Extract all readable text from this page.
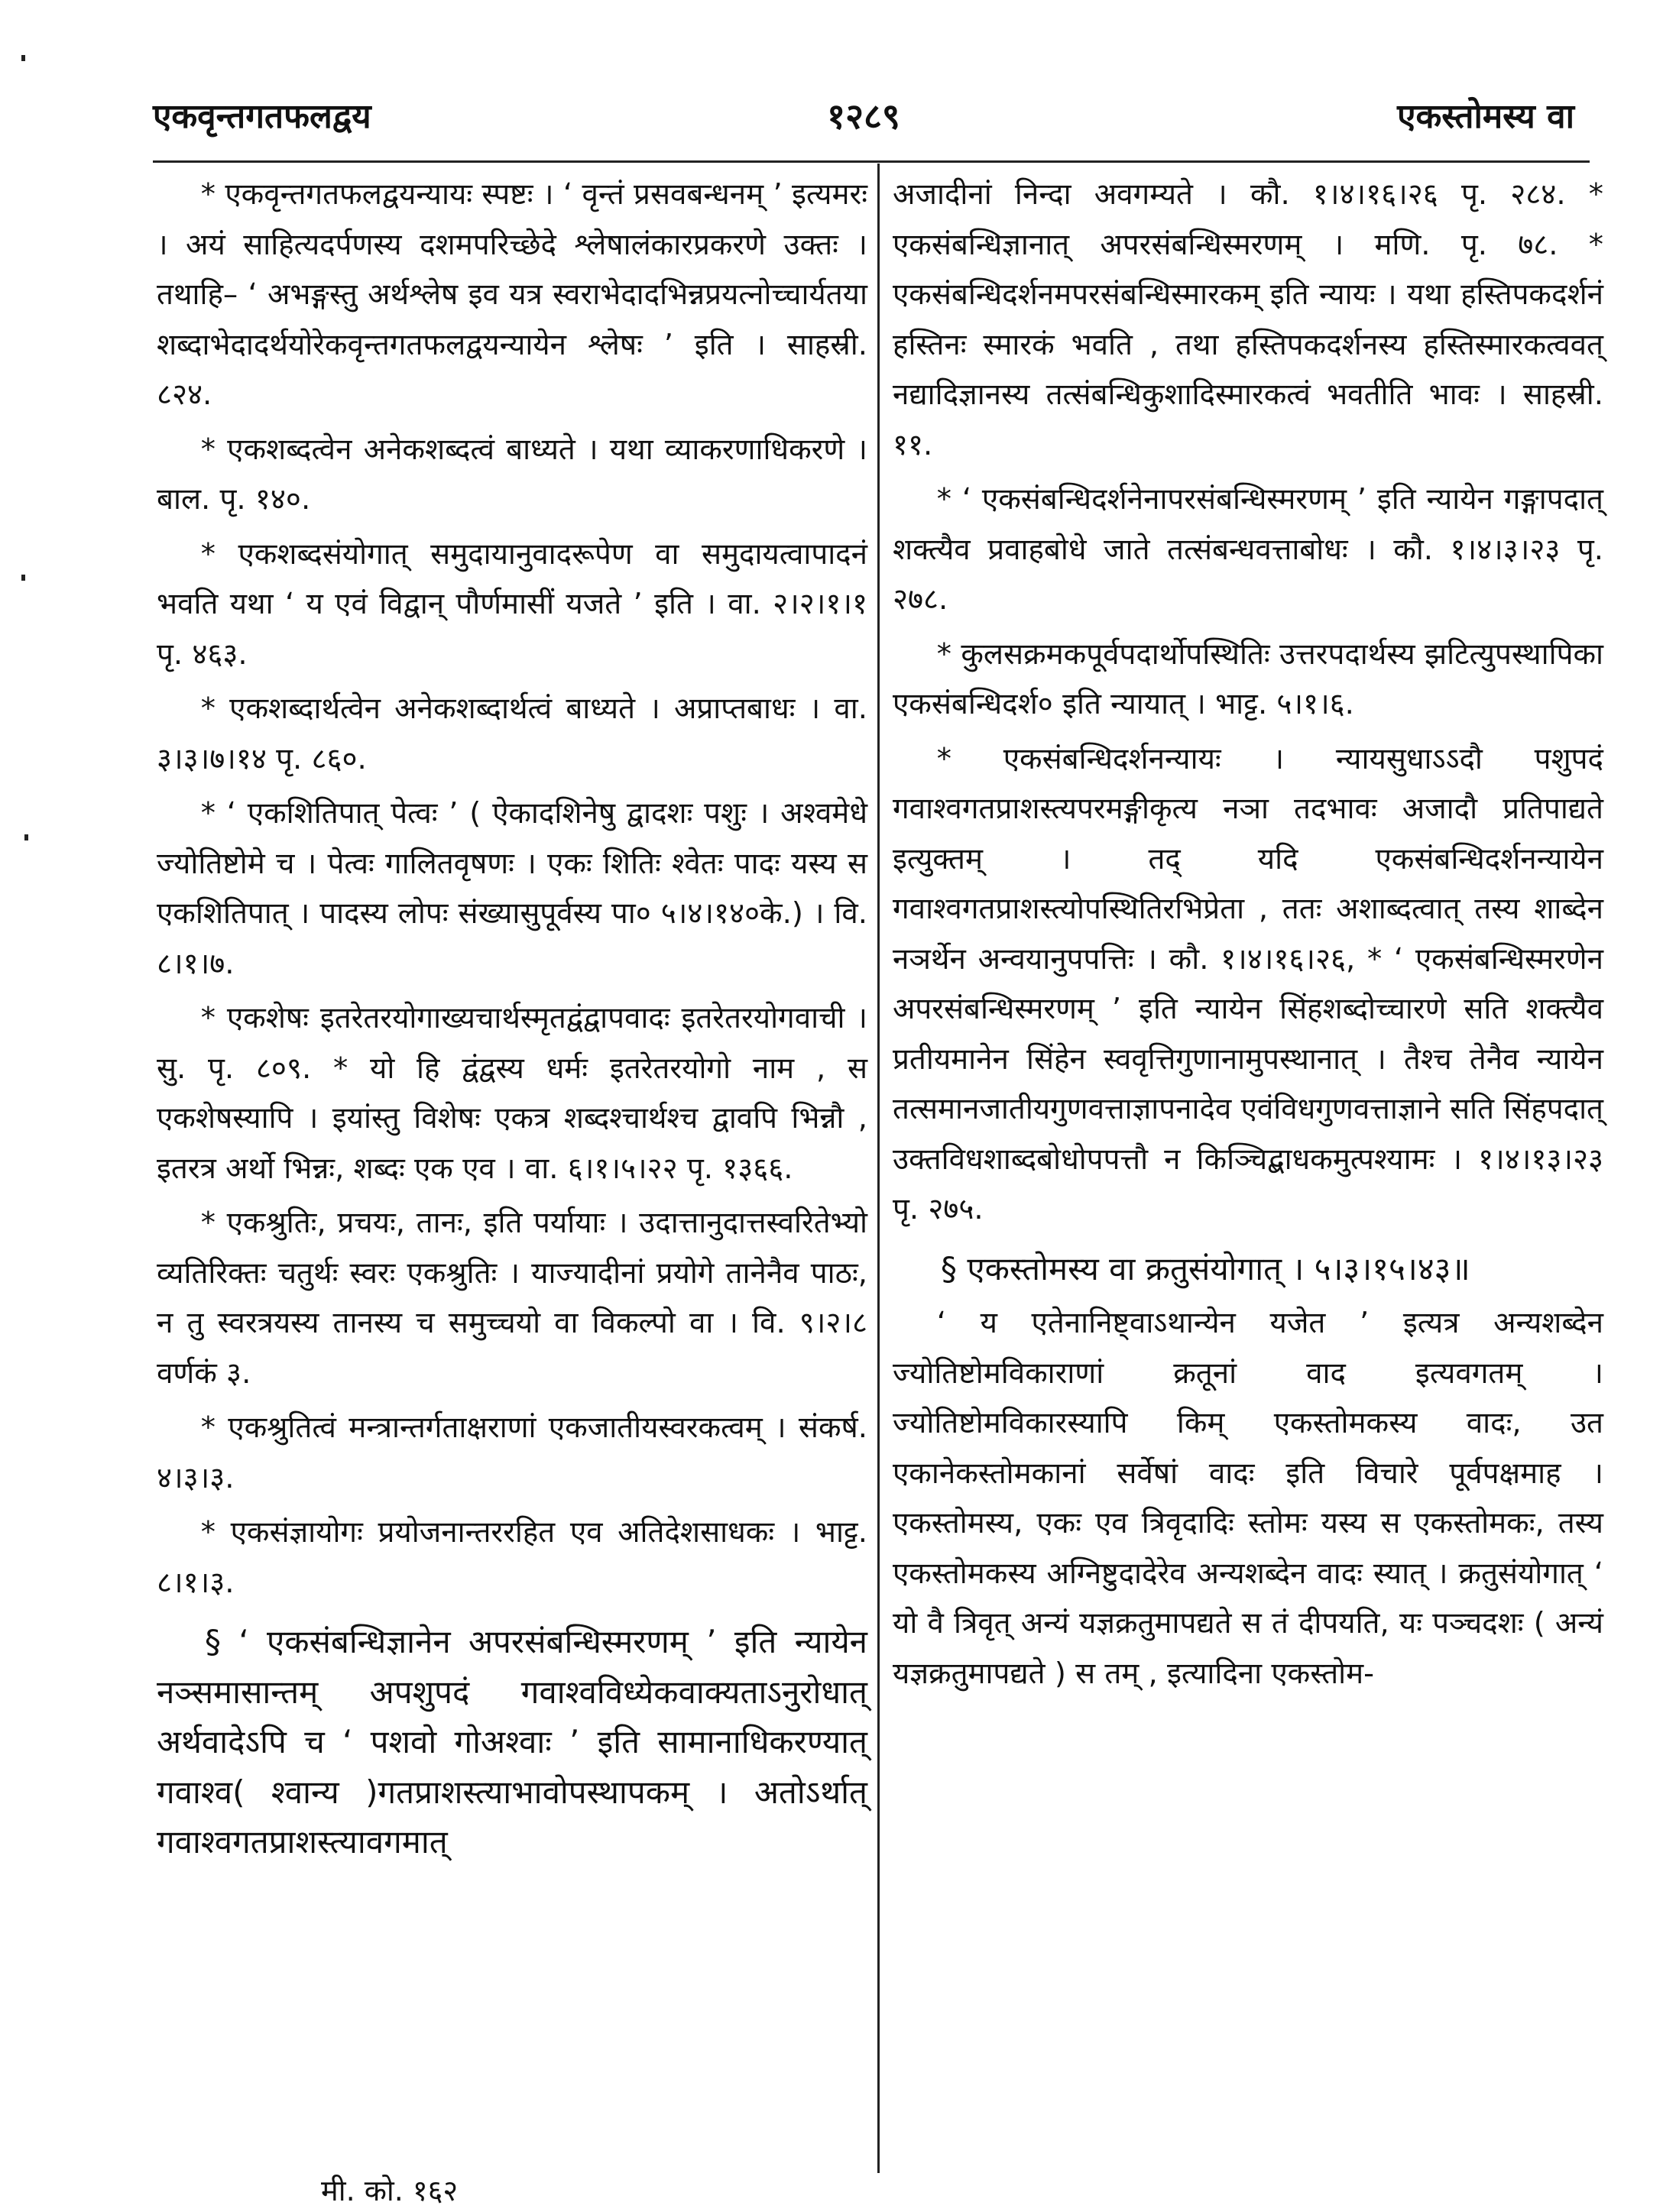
एकवृन्तगतफलद्वय	१२८९	एकस्तोमस्य वा

* एकवृन्तगतफलद्वयन्यायः स्पष्टः । ‘ वृन्तं प्रसवबन्धनम् ’ इत्यमरः । अयं साहित्यदर्पणस्य दशमपरिच्छेदे श्लेषालंकारप्रकरणे उक्तः । तथाहि– ‘ अभङ्गस्तु अर्थश्लेष इव यत्र स्वराभेदादभिन्नप्रयत्नोच्चार्यतया शब्दाभेदादर्थयोरेकवृन्तगतफलद्वयन्यायेन श्लेषः ’ इति । साहस्री. ८२४.

* एकशब्दत्वेन अनेकशब्दत्वं बाध्यते । यथा व्याकरणाधिकरणे । बाल. पृ. १४०.

* एकशब्दसंयोगात् समुदायानुवादरूपेण वा समुदायत्वापादनं भवति यथा ‘ य एवं विद्वान् पौर्णमासीं यजते ’ इति । वा. २।२।१।१ पृ. ४६३.

* एकशब्दार्थत्वेन अनेकशब्दार्थत्वं बाध्यते । अप्राप्तबाधः । वा. ३।३।७।१४ पृ. ८६०.

* ‘ एकशितिपात् पेत्वः ’ ( ऐकादशिनेषु द्वादशः पशुः । अश्वमेधे ज्योतिष्टोमे च । पेत्वः गालितवृषणः । एकः शितिः श्वेतः पादः यस्य स एकशितिपात् । पादस्य लोपः संख्यासुपूर्वस्य पा० ५।४।१४०के.) । वि. ८।१।७.

* एकशेषः इतरेतरयोगाख्यचार्थस्मृतद्वंद्वापवादः इतरेतरयोगवाची । सु. पृ. ८०९. * यो हि द्वंद्वस्य धर्मः इतरेतरयोगो नाम , स एकशेषस्यापि । इयांस्तु विशेषः एकत्र शब्दश्चार्थश्च द्वावपि भिन्नौ , इतरत्र अर्थो भिन्नः, शब्दः एक एव । वा. ६।१।५।२२ पृ. १३६६.

* एकश्रुतिः, प्रचयः, तानः, इति पर्यायाः । उदात्तानुदात्तस्वरितेभ्यो व्यतिरिक्तः चतुर्थः स्वरः एकश्रुतिः । याज्यादीनां प्रयोगे तानेनैव पाठः, न तु स्वरत्रयस्य तानस्य च समुच्चयो वा विकल्पो वा । वि. ९।२।८ वर्णकं ३.

* एकश्रुतित्वं मन्त्रान्तर्गताक्षराणां एकजातीयस्वरकत्वम् । संकर्ष. ४।३।३.

* एकसंज्ञायोगः प्रयोजनान्तररहित एव अतिदेशसाधकः । भाट्ट. ८।१।३.

§ ‘ एकसंबन्धिज्ञानेन अपरसंबन्धिस्मरणम् ’ इति न्यायेन नञ्समासान्तम् अपशुपदं गवाश्वविध्येकवाक्यताऽनुरोधात् अर्थवादेऽपि च ‘ पशवो गोअश्वाः ’ इति सामानाधिकरण्यात् गवाश्व( श्वान्य )गतप्राशस्त्याभावोपस्थापकम् । अतोऽर्थात् गवाश्वगतप्राशस्त्यावगमात्

अजादीनां निन्दा अवगम्यते । कौ. १।४।१६।२६ पृ. २८४. * एकसंबन्धिज्ञानात् अपरसंबन्धिस्मरणम् । मणि. पृ. ७८. * एकसंबन्धिदर्शनमपरसंबन्धिस्मारकम् इति न्यायः । यथा हस्तिपकदर्शनं हस्तिनः स्मारकं भवति , तथा हस्तिपकदर्शनस्य हस्तिस्मारकत्ववत् नद्यादिज्ञानस्य तत्संबन्धिकुशादिस्मारकत्वं भवतीति भावः । साहस्री. ११.

* ‘ एकसंबन्धिदर्शनेनापरसंबन्धिस्मरणम् ’ इति न्यायेन गङ्गापदात् शक्त्यैव प्रवाहबोधे जाते तत्संबन्धवत्ताबोधः । कौ. १।४।३।२३ पृ. २७८.

* कुलसक्रमकपूर्वपदार्थोपस्थितिः उत्तरपदार्थस्य झटित्युपस्थापिका एकसंबन्धिदर्श० इति न्यायात् । भाट्ट. ५।१।६.

* एकसंबन्धिदर्शनन्यायः । न्यायसुधाऽऽदौ पशुपदं गवाश्वगतप्राशस्त्यपरमङ्गीकृत्य नञा तदभावः अजादौ प्रतिपाद्यते इत्युक्तम् । तद् यदि एकसंबन्धिदर्शनन्यायेन गवाश्वगतप्राशस्त्योपस्थितिरभिप्रेता , ततः अशाब्दत्वात् तस्य शाब्देन नञर्थेन अन्वयानुपपत्तिः । कौ. १।४।१६।२६, * ‘ एकसंबन्धिस्मरणेन अपरसंबन्धिस्मरणम् ’ इति न्यायेन सिंहशब्दोच्चारणे सति शक्त्यैव प्रतीयमानेन सिंहेन स्ववृत्तिगुणानामुपस्थानात् । तैश्च तेनैव न्यायेन तत्समानजातीयगुणवत्ताज्ञापनादेव एवंविधगुणवत्ताज्ञाने सति सिंहपदात् उक्तविधशाब्दबोधोपपत्तौ न किञ्चिद्बाधकमुत्पश्यामः । १।४।१३।२३ पृ. २७५.

§ एकस्तोमस्य वा क्रतुसंयोगात् । ५।३।१५।४३॥

‘ य एतेनानिष्ट्वाऽथान्येन यजेत ’ इत्यत्र अन्यशब्देन ज्योतिष्टोमविकाराणां क्रतूनां वाद इत्यवगतम् । ज्योतिष्टोमविकारस्यापि किम् एकस्तोमकस्य वादः, उत एकानेकस्तोमकानां सर्वेषां वादः इति विचारे पूर्वपक्षमाह । एकस्तोमस्य, एकः एव त्रिवृदादिः स्तोमः यस्य स एकस्तोमकः, तस्य एकस्तोमकस्य अग्निष्टुदादेरेव अन्यशब्देन वादः स्यात् । क्रतुसंयोगात् ‘ यो वै त्रिवृत् अन्यं यज्ञक्रतुमापद्यते स तं दीपयति, यः पञ्चदशः ( अन्यं यज्ञक्रतुमापद्यते ) स तम् , इत्यादिना एकस्तोम-

मी. को. १६२
